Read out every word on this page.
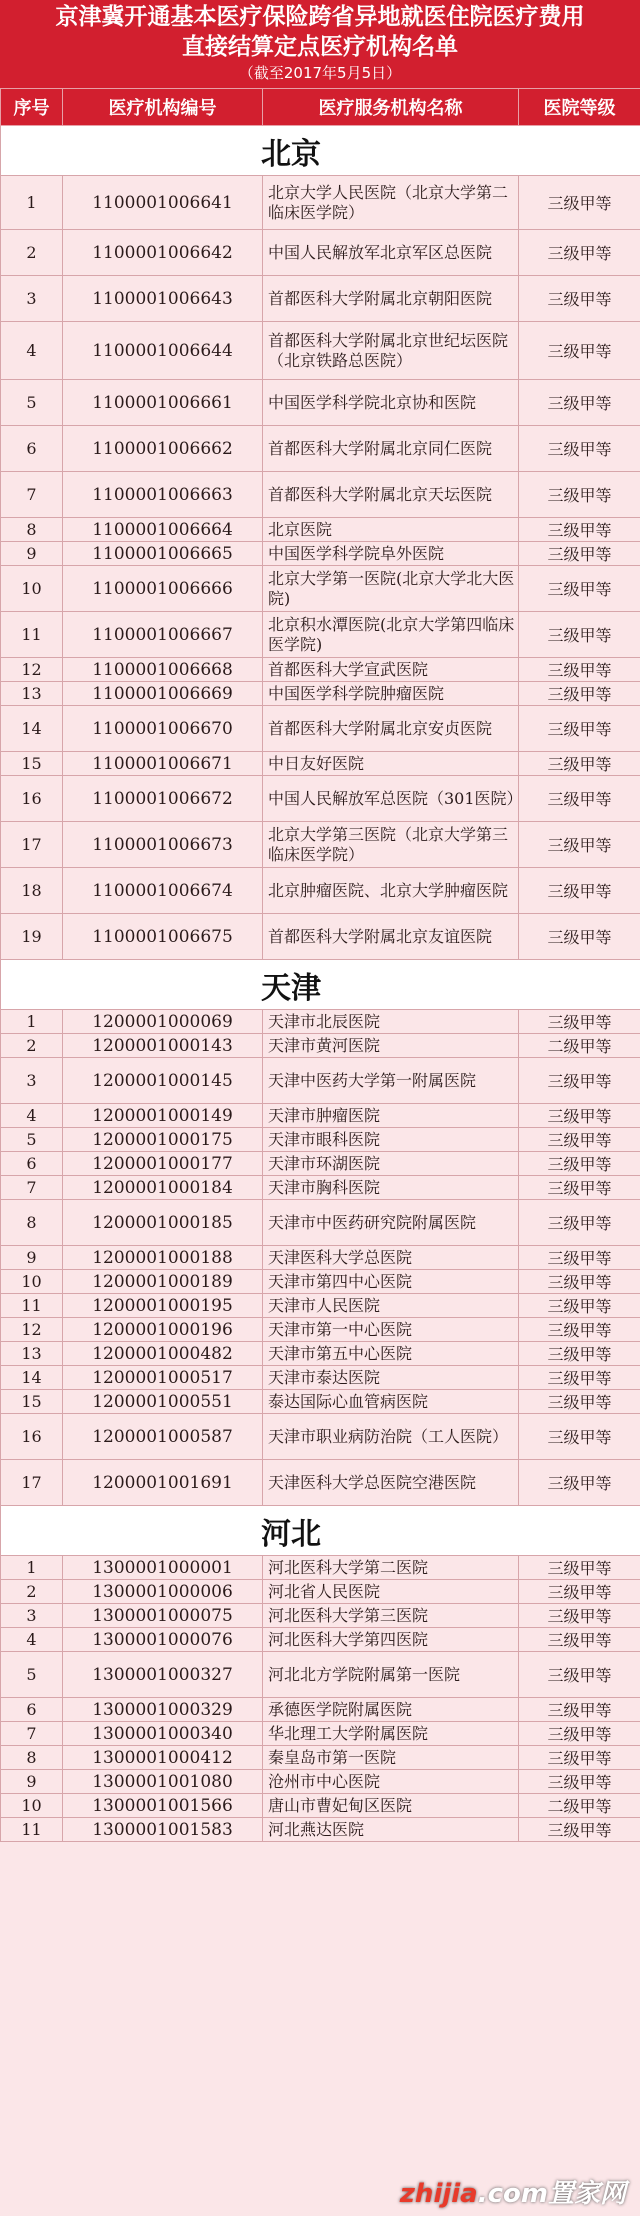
京津冀开通基本医疗保险跨省异地就医住院医疗费用
直接结算定点医疗机构名单
（截至2017年5月5日）
序号	医疗机构编号	医疗服务机构名称	医院等级
北京			
1	1100001006641	北京大学人民医院（北京大学第二临床医学院）	三级甲等
2	1100001006642	中国人民解放军北京军区总医院	三级甲等
3	1100001006643	首都医科大学附属北京朝阳医院	三级甲等
4	1100001006644	首都医科大学附属北京世纪坛医院（北京铁路总医院）	三级甲等
5	1100001006661	中国医学科学院北京协和医院	三级甲等
6	1100001006662	首都医科大学附属北京同仁医院	三级甲等
7	1100001006663	首都医科大学附属北京天坛医院	三级甲等
8	1100001006664	北京医院	三级甲等
9	1100001006665	中国医学科学院阜外医院	三级甲等
10	1100001006666	北京大学第一医院(北京大学北大医院)	三级甲等
11	1100001006667	北京积水潭医院(北京大学第四临床医学院)	三级甲等
12	1100001006668	首都医科大学宣武医院	三级甲等
13	1100001006669	中国医学科学院肿瘤医院	三级甲等
14	1100001006670	首都医科大学附属北京安贞医院	三级甲等
15	1100001006671	中日友好医院	三级甲等
16	1100001006672	中国人民解放军总医院（301医院）	三级甲等
17	1100001006673	北京大学第三医院（北京大学第三临床医学院）	三级甲等
18	1100001006674	北京肿瘤医院、北京大学肿瘤医院	三级甲等
19	1100001006675	首都医科大学附属北京友谊医院	三级甲等
天津			
1	1200001000069	天津市北辰医院	三级甲等
2	1200001000143	天津市黄河医院	二级甲等
3	1200001000145	天津中医药大学第一附属医院	三级甲等
4	1200001000149	天津市肿瘤医院	三级甲等
5	1200001000175	天津市眼科医院	三级甲等
6	1200001000177	天津市环湖医院	三级甲等
7	1200001000184	天津市胸科医院	三级甲等
8	1200001000185	天津市中医药研究院附属医院	三级甲等
9	1200001000188	天津医科大学总医院	三级甲等
10	1200001000189	天津市第四中心医院	三级甲等
11	1200001000195	天津市人民医院	三级甲等
12	1200001000196	天津市第一中心医院	三级甲等
13	1200001000482	天津市第五中心医院	三级甲等
14	1200001000517	天津市泰达医院	三级甲等
15	1200001000551	泰达国际心血管病医院	三级甲等
16	1200001000587	天津市职业病防治院（工人医院）	三级甲等
17	1200001001691	天津医科大学总医院空港医院	三级甲等
河北			
1	1300001000001	河北医科大学第二医院	三级甲等
2	1300001000006	河北省人民医院	三级甲等
3	1300001000075	河北医科大学第三医院	三级甲等
4	1300001000076	河北医科大学第四医院	三级甲等
5	1300001000327	河北北方学院附属第一医院	三级甲等
6	1300001000329	承德医学院附属医院	三级甲等
7	1300001000340	华北理工大学附属医院	三级甲等
8	1300001000412	秦皇岛市第一医院	三级甲等
9	1300001001080	沧州市中心医院	三级甲等
10	1300001001566	唐山市曹妃甸区医院	二级甲等
11	1300001001583	河北燕达医院	三级甲等
zhijia.com置家网
